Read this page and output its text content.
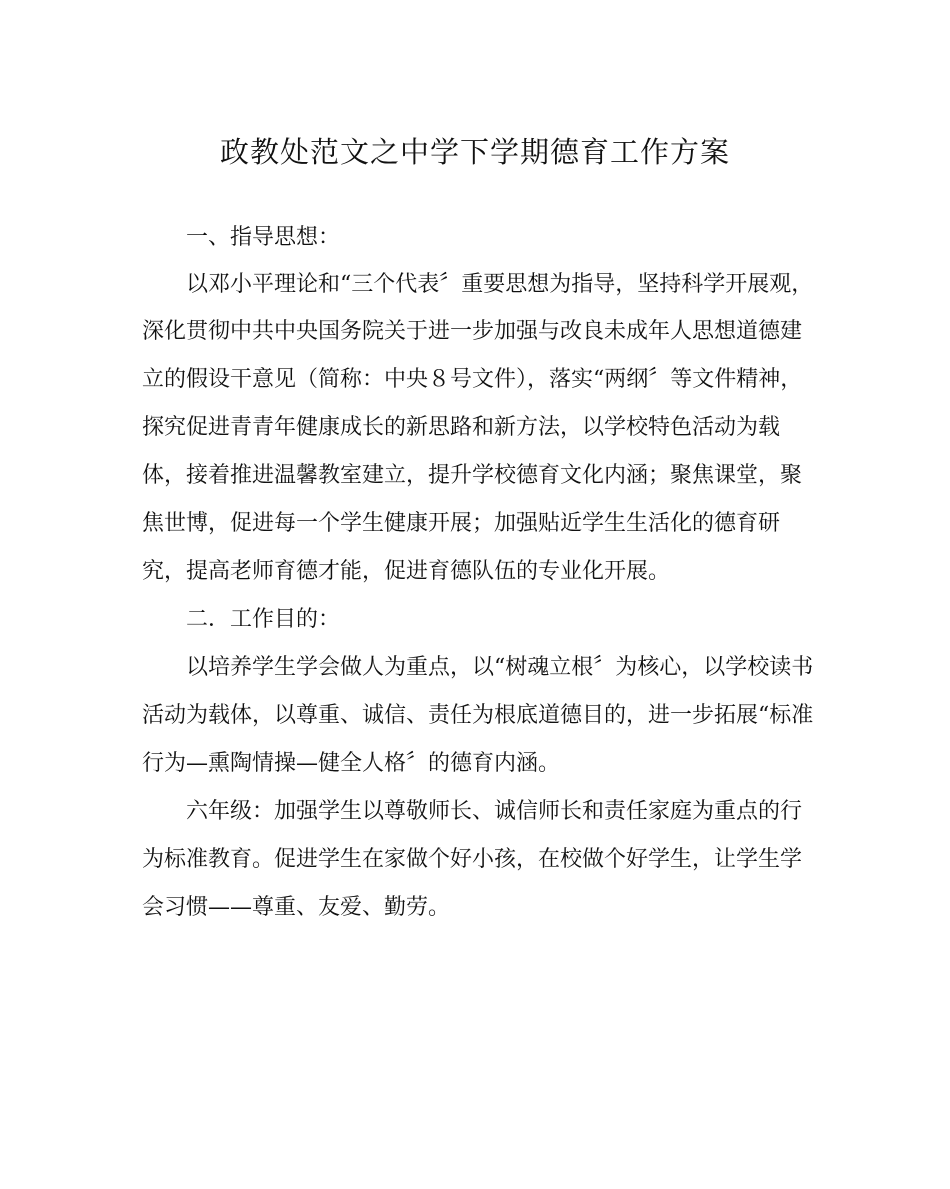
政教处范文之中学下学期德育工作方案

一、指导思想：

以邓小平理论和“三个代表〞重要思想为指导，坚持科学开展观，

深化贯彻中共中央国务院关于进一步加强与改良未成年人思想道德建

立的假设干意见（简称：中央８号文件），落实“两纲〞等文件精神，

探究促进青青年健康成长的新思路和新方法，以学校特色活动为载

体，接着推进温馨教室建立，提升学校德育文化内涵；聚焦课堂，聚

焦世博，促进每一个学生健康开展；加强贴近学生生活化的德育研

究，提高老师育德才能，促进育德队伍的专业化开展。

二．工作目的：

以培养学生学会做人为重点，以“树魂立根〞为核心，以学校读书

活动为载体，以尊重、诚信、责任为根底道德目的，进一步拓展“标准

行为—熏陶情操—健全人格〞的德育内涵。

六年级：加强学生以尊敬师长、诚信师长和责任家庭为重点的行

为标准教育。促进学生在家做个好小孩，在校做个好学生，让学生学

会习惯——尊重、友爱、勤劳。
